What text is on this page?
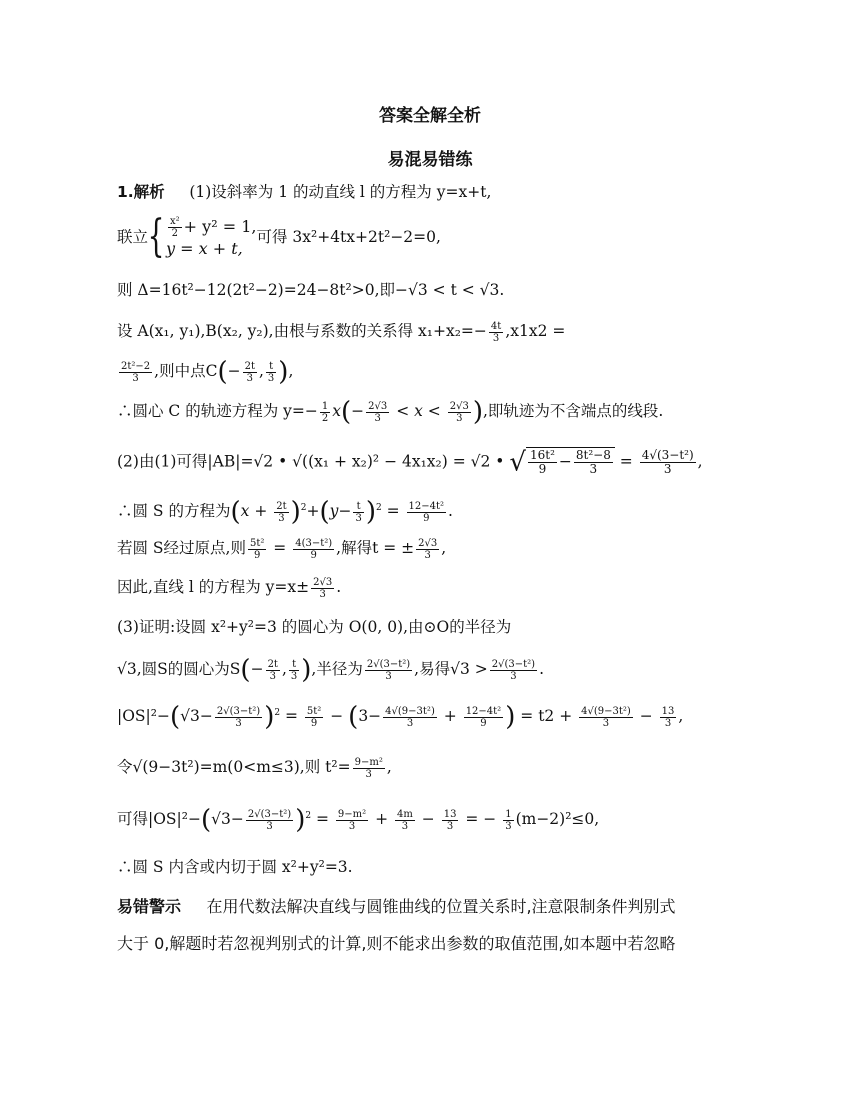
答案全解全析
易混易错练
1.解析 (1)设斜率为 1 的动直线 l 的方程为 y=x+t,
联立{ $\frac{\text{x²}}{2} + y^2 = 1$,
y = x + t,
可得 3x²+4tx+2t²−2=0,
则 Δ=16t²−12(2t²−2)=24−8t²>0,即−√3 < t < √3.
设 A(x₁, y₁),B(x₂, y₂),由根与系数的关系得 $x_1+x_2=- \frac{4t}{3} ,x1x2$ =
$\frac{\text{2t²−2}}{3}$ ,则中点$C(- \frac{2t}{3}$ , $\frac{t}{3}$ ),
∴圆心 C 的轨迹方程为 $y=- \frac{1}{2} x(- \frac{2√3}{3} < x < \frac{2√3}{3}$ ),即轨迹为不含端点的线段.
(2)由(1)可得|AB|=√2 • √((x₁ + x₂)² − 4x₁x₂) = √2 • √ $\frac{\text{16t²}}{9} - \frac{\text{8t²−8}}{3} = \frac{\text{4√(3−t²)}}{3}$ ,
∴圆 S 的方程为$(x + \frac{2t}{3} )^2+(y- \frac{t}{3} )^2 = \frac{\text{12−4t²}}{9}$ .
若圆 S经过原点,则 $\frac{\text{5t²}}{9} = \frac{\text{4(3−t²)}}{9}$ ,解得t = ± $\frac{2√3}{3}$ ,
因此,直线 l 的方程为 $y=x\pm \frac{2√3}{3}$ .
(3)证明:设圆 x²+y²=3 的圆心为 O(0, 0),由⊙O的半径为
√3,圆S的圆心为$S(- \frac{2t}{3}$ , $\frac{t}{3}$ ),半径为 $\frac{\text{2√(3−t²)}}{3}$ ,易得$√3 > \frac{\text{2√(3−t²)}}{3}$ .
$|OS|^2-(√3- \frac{\text{2√(3−t²)}}{3} )^2 = \frac{\text{5t²}}{9} - (3- \frac{\text{4√(9−3t²)}}{3} + \frac{\text{12−4t²}}{9}$ ) = $t2 + \frac{\text{4√(9−3t²)}}{3} - \frac{13}{3}$ ,
令√(9−3t²)=m(0<m≤3),则 $t^2= \frac{\text{9−m²}}{3}$ ,
可得$|OS|^2-(√3- \frac{\text{2√(3−t²)}}{3} )^2 = \frac{\text{9−m²}}{3} + \frac{4m}{3} - \frac{13}{3}$ = − $\frac{1}{3} (m-2)^2\le 0$,
∴圆 S 内含或内切于圆 x²+y²=3.
易错警示 在用代数法解决直线与圆锥曲线的位置关系时,注意限制条件判别式
大于 0,解题时若忽视判别式的计算,则不能求出参数的取值范围,如本题中若忽略
